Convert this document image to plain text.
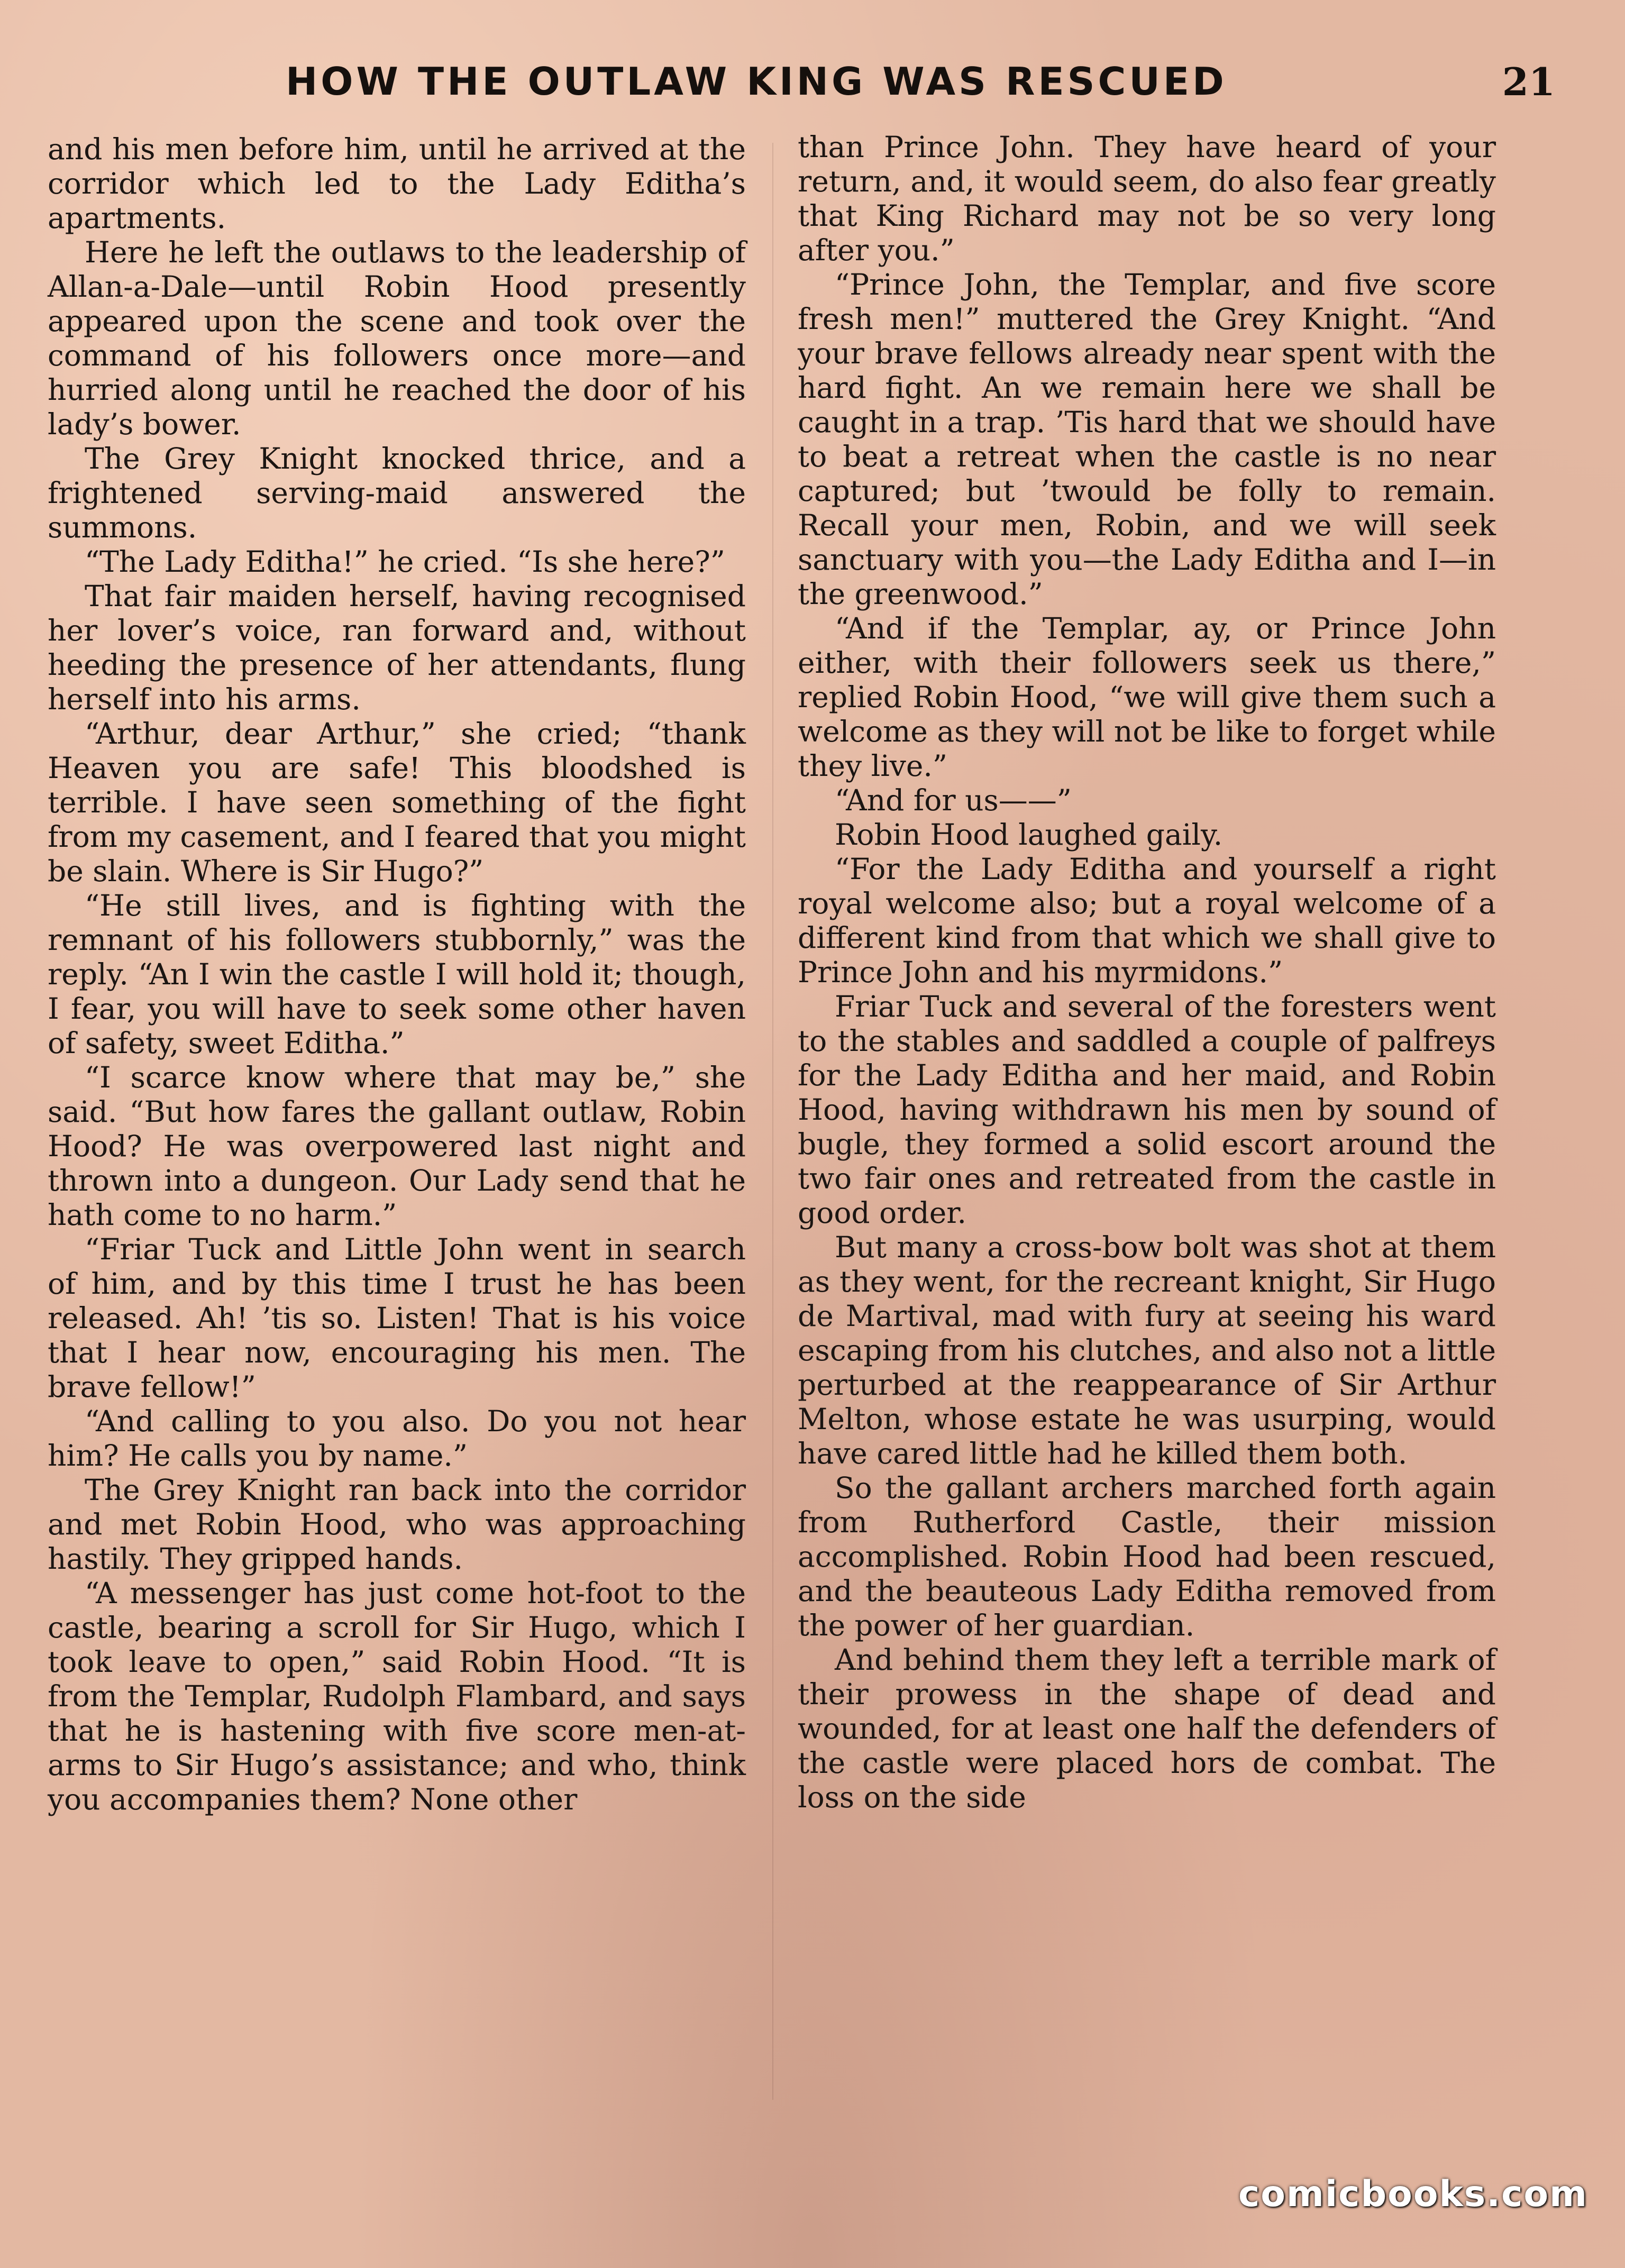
HOW THE OUTLAW KING WAS RESCUED	21

and his men before him, until he arrived at the corridor which led to the Lady Editha’s apartments.

Here he left the outlaws to the leadership of Allan-a-Dale—until Robin Hood presently appeared upon the scene and took over the command of his followers once more—and hurried along until he reached the door of his lady’s bower.

The Grey Knight knocked thrice, and a frightened serving-maid answered the summons.

“The Lady Editha!” he cried. “Is she here?”

That fair maiden herself, having recognised her lover’s voice, ran forward and, without heeding the presence of her attendants, flung herself into his arms.

“Arthur, dear Arthur,” she cried; “thank Heaven you are safe! This bloodshed is terrible. I have seen something of the fight from my casement, and I feared that you might be slain. Where is Sir Hugo?”

“He still lives, and is fighting with the remnant of his followers stubbornly,” was the reply. “An I win the castle I will hold it; though, I fear, you will have to seek some other haven of safety, sweet Editha.”

“I scarce know where that may be,” she said. “But how fares the gallant outlaw, Robin Hood? He was overpowered last night and thrown into a dungeon. Our Lady send that he hath come to no harm.”

“Friar Tuck and Little John went in search of him, and by this time I trust he has been released. Ah! ’tis so. Listen! That is his voice that I hear now, encouraging his men. The brave fellow!”

“And calling to you also. Do you not hear him? He calls you by name.”

The Grey Knight ran back into the corridor and met Robin Hood, who was approaching hastily. They gripped hands.

“A messenger has just come hot-foot to the castle, bearing a scroll for Sir Hugo, which I took leave to open,” said Robin Hood. “It is from the Templar, Rudolph Flambard, and says that he is hastening with five score men-at-arms to Sir Hugo’s assistance; and who, think you accompanies them? None other

than Prince John. They have heard of your return, and, it would seem, do also fear greatly that King Richard may not be so very long after you.”

“Prince John, the Templar, and five score fresh men!” muttered the Grey Knight. “And your brave fellows already near spent with the hard fight. An we remain here we shall be caught in a trap. ’Tis hard that we should have to beat a retreat when the castle is no near captured; but ’twould be folly to remain. Recall your men, Robin, and we will seek sanctuary with you—the Lady Editha and I—in the greenwood.”

“And if the Templar, ay, or Prince John either, with their followers seek us there,” replied Robin Hood, “we will give them such a welcome as they will not be like to forget while they live.”

“And for us——”

Robin Hood laughed gaily.

“For the Lady Editha and yourself a right royal welcome also; but a royal welcome of a different kind from that which we shall give to Prince John and his myrmidons.”

Friar Tuck and several of the foresters went to the stables and saddled a couple of palfreys for the Lady Editha and her maid, and Robin Hood, having withdrawn his men by sound of bugle, they formed a solid escort around the two fair ones and retreated from the castle in good order.

But many a cross-bow bolt was shot at them as they went, for the recreant knight, Sir Hugo de Martival, mad with fury at seeing his ward escaping from his clutches, and also not a little perturbed at the reappearance of Sir Arthur Melton, whose estate he was usurping, would have cared little had he killed them both.

So the gallant archers marched forth again from Rutherford Castle, their mission accomplished. Robin Hood had been rescued, and the beauteous Lady Editha removed from the power of her guardian.

And behind them they left a terrible mark of their prowess in the shape of dead and wounded, for at least one half the defenders of the castle were placed hors de combat. The loss on the side

comicbooks.com
